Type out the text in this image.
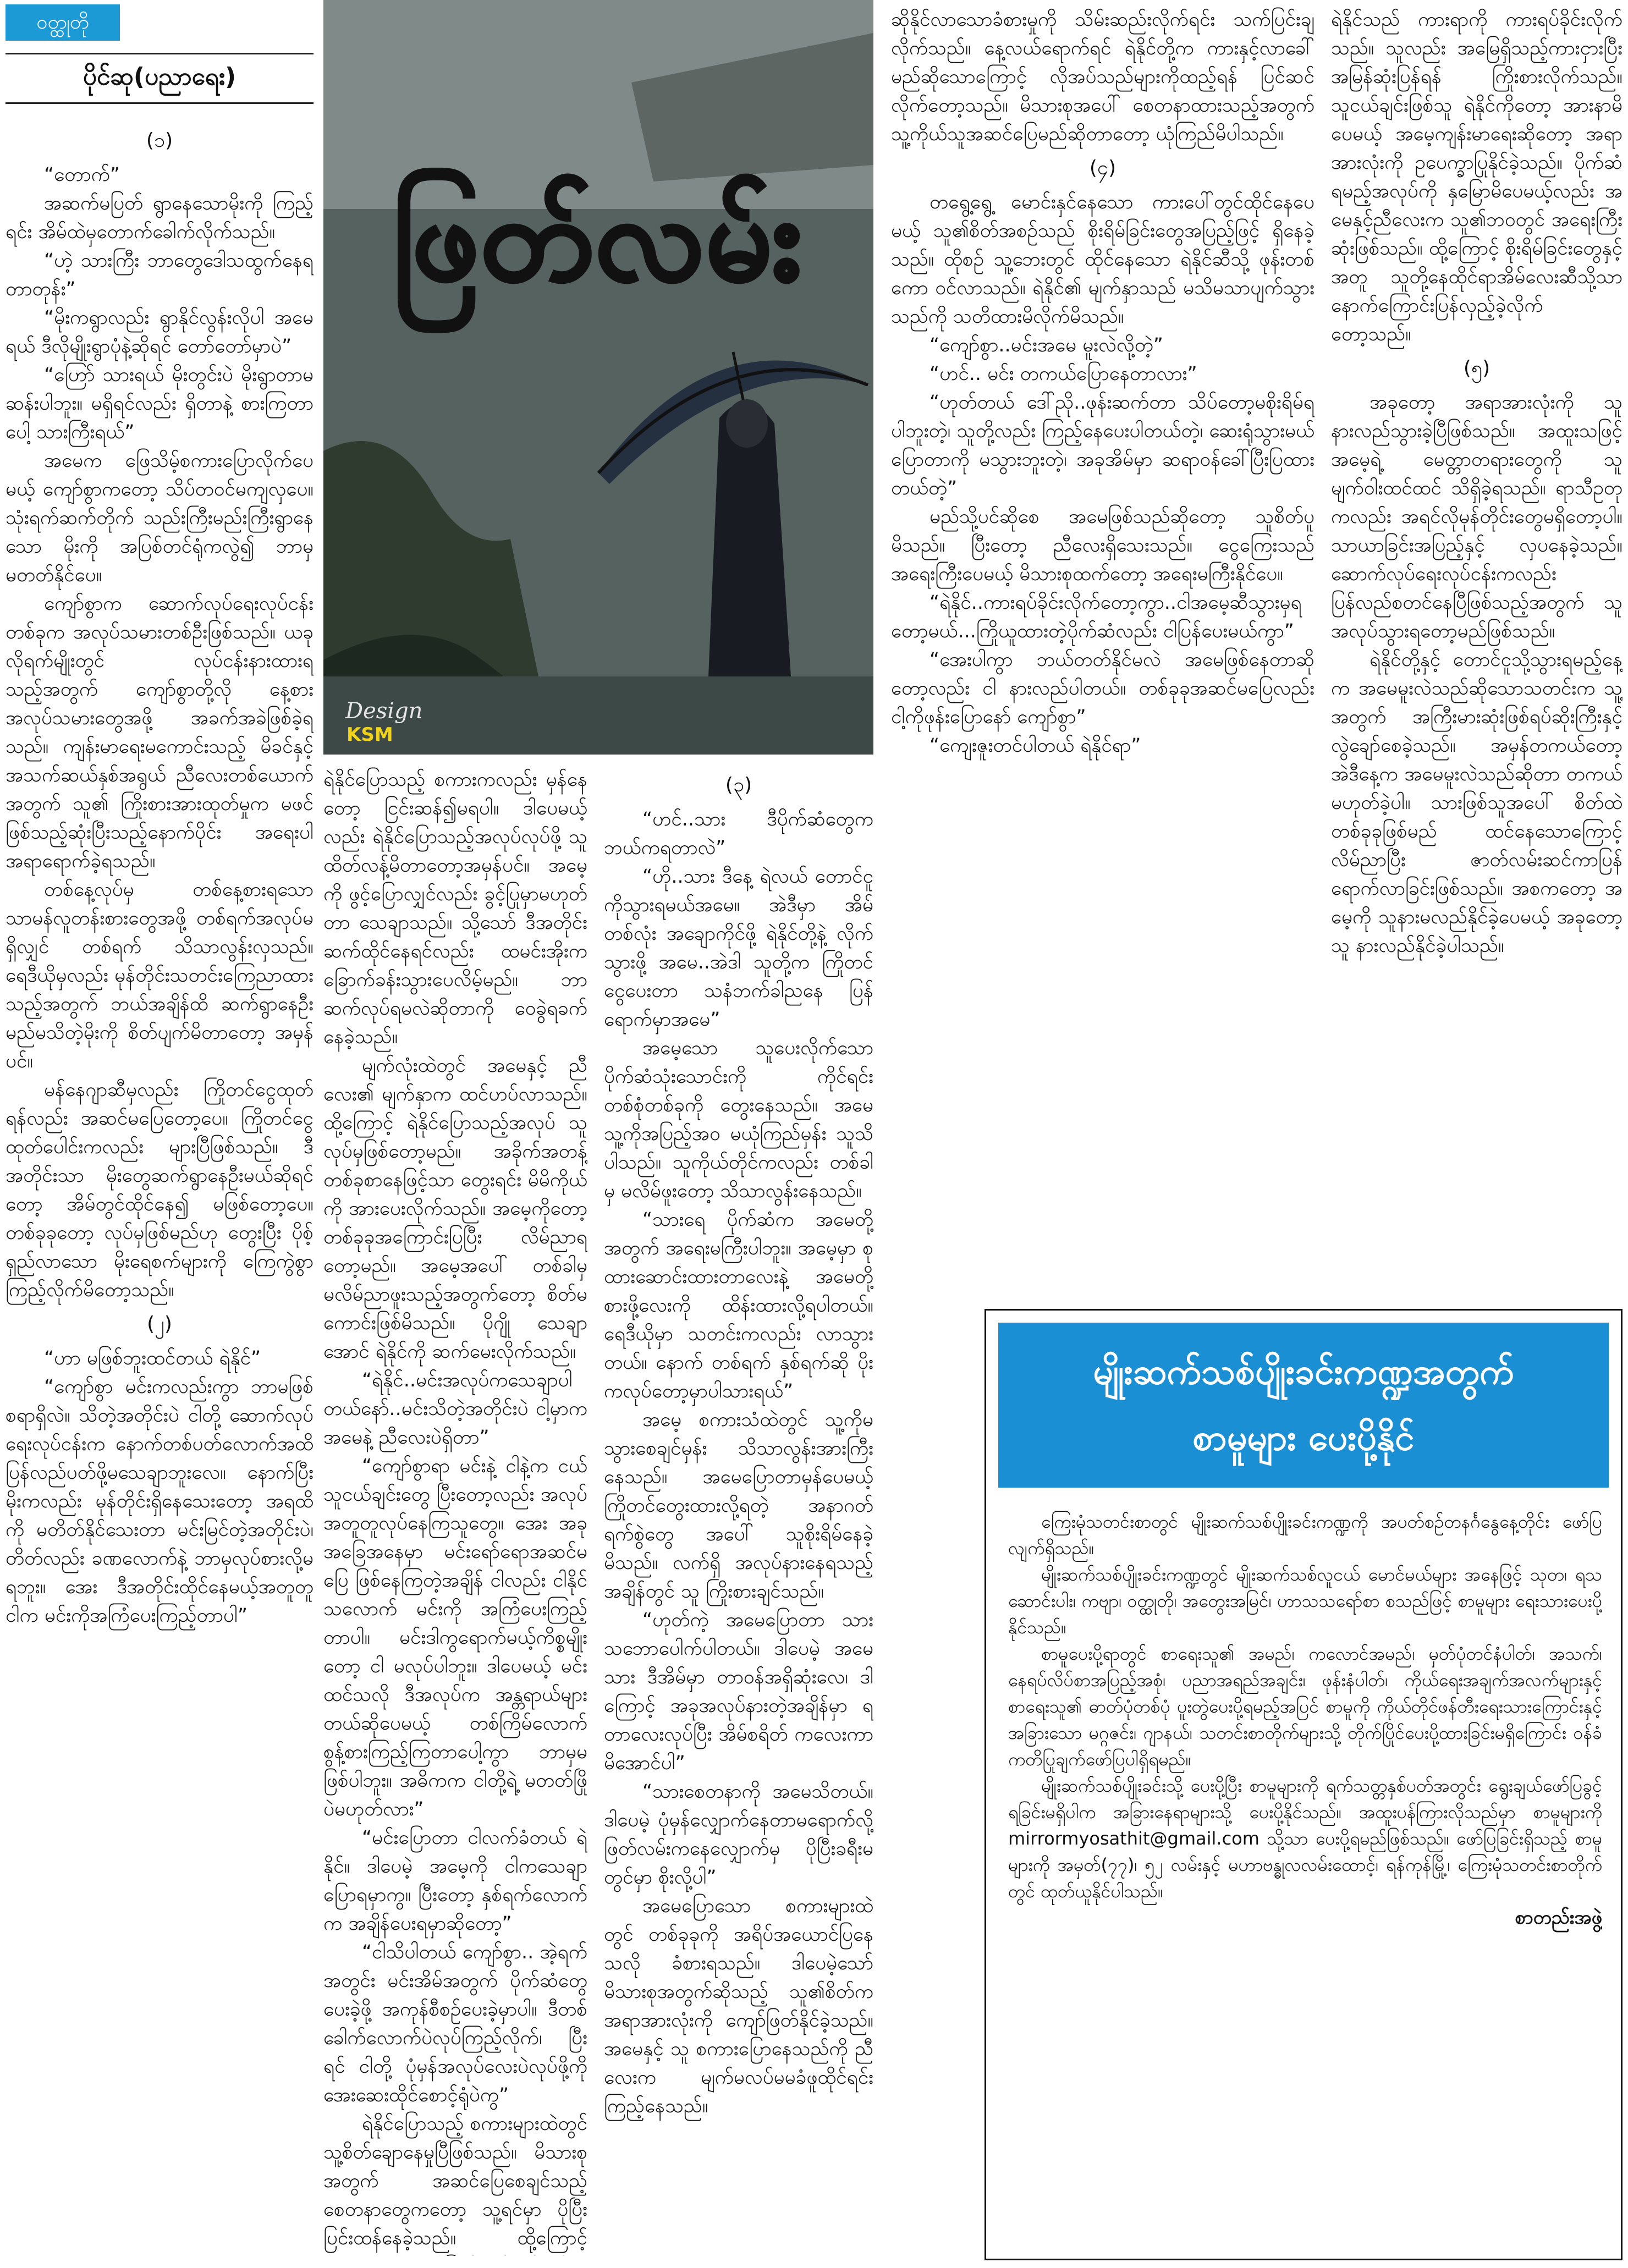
ဝတ္ထုတို
ပိုင်ဆု(ပညာရေး)
(၁)

“တောက်”

အဆက်မပြတ် ရွာနေသောမိုးကို ကြည့်ရင်း အိမ်ထဲမှတောက်ခေါက်လိုက်သည်။

“ဟဲ့ သားကြီး ဘာတွေဒေါသထွက်နေရတာတုန်း”

“မိုးကရွာလည်း ရွာနိုင်လွန်းလိုပါ အမေရယ် ဒီလိုမျိုးရွာပုံနဲ့ဆိုရင် တော်တော်မှာပဲ”

“ဟြော် သားရယ် မိုးတွင်းပဲ မိုးရွာတာမဆန်းပါဘူး။ မရှိရင်လည်း ရှိတာနဲ့ စားကြတာပေါ့ သားကြီးရယ်”

အမေက ဖြေသိမ့်စကားပြောလိုက်ပေမယ့် ကျော်စွာကတော့ သိပ်တဝင်မကျလှပေ။ သုံးရက်ဆက်တိုက် သည်းကြီးမည်းကြီးရွာနေသော မိုးကို အပြစ်တင်ရုံကလွဲ၍ ဘာမှမတတ်နိုင်ပေ။

ကျော်စွာက ဆောက်လုပ်ရေးလုပ်ငန်းတစ်ခုက အလုပ်သမားတစ်ဦးဖြစ်သည်။ ယခုလိုရက်မျိုးတွင် လုပ်ငန်းနားထားရသည့်အတွက် ကျော်စွာတို့လို နေ့စားအလုပ်သမားတွေအဖို့ အခက်အခဲဖြစ်ခဲ့ရသည်။ ကျန်းမာရေးမကောင်းသည့် မိခင်နှင့် အသက်ဆယ်နှစ်အရွယ် ညီလေးတစ်ယောက်အတွက် သူ၏ ကြိုးစားအားထုတ်မှုက မဖင်ဖြစ်သည့်ဆုံးပြီးသည့်နောက်ပိုင်း အရေးပါ အရာရောက်ခဲ့ရသည်။

တစ်နေ့လုပ်မှ တစ်နေ့စားရသော သာမန်လူတန်းစားတွေအဖို့ တစ်ရက်အလုပ်မရှိလျှင် တစ်ရက် သိသာလွန်းလှသည်။ ရေဒီယိုမှလည်း မုန်တိုင်းသတင်းကြေညာထားသည့်အတွက် ဘယ်အချိန်ထိ ဆက်ရွာနေဦးမည်မသိတဲ့မိုးကို စိတ်ပျက်မိတာတော့ အမှန်ပင်။

မန်နေဂျာဆီမှလည်း ကြိုတင်ငွေထုတ်ရန်လည်း အဆင်မပြေတော့ပေ။ ကြိုတင်ငွေထုတ်ပေါင်းကလည်း များပြီဖြစ်သည်။ ဒီအတိုင်းသာ မိုးတွေဆက်ရွာနေဦးမယ်ဆိုရင်တော့ အိမ်တွင်ထိုင်နေ၍ မဖြစ်တော့ပေ။ တစ်ခုခုတော့ လုပ်မှဖြစ်မည်ဟု တွေးပြီး ပိုစ့်ရှည်လာသော မိုးရေစက်များကို ကြေကွဲစွာကြည့်လိုက်မိတော့သည်။

(၂)

“ဟာ မဖြစ်ဘူးထင်တယ် ရဲနိုင်”

“ကျော်စွာ မင်းကလည်းကွာ ဘာမဖြစ်စရာရှိလဲ။ သိတဲ့အတိုင်းပဲ ငါတို့ ဆောက်လုပ်ရေးလုပ်ငန်းက နောက်တစ်ပတ်လောက်အထိ ပြန်လည်ပတ်ဖို့မသေချာဘူးလေ။ နောက်ပြီး မိုးကလည်း မုန်တိုင်းရှိနေသေးတော့ အရထိကို မတိတ်နိုင်သေးတာ မင်းမြင်တဲ့အတိုင်းပဲ၊ တိတ်လည်း ခဏလောက်နဲ့ ဘာမှလုပ်စားလို့မရဘူး။ အေး ဒီအတိုင်းထိုင်နေမယ့်အတူတူ ငါက မင်းကိုအကြံပေးကြည့်တာပါ”

ဖြတ်လမ်း
Design
KSM

ရဲနိုင်ပြောသည့် စကားကလည်း မှန်နေတော့ ငြင်းဆန်၍မရပါ။ ဒါပေမယ့်လည်း ရဲနိုင်ပြောသည့်အလုပ်လုပ်ဖို့ သူ ထိတ်လန့်မိတာတော့အမှန်ပင်။ အမေ့ကို ဖွင့်ပြောလျှင်လည်း ခွင့်ပြုမှာမဟုတ်တာ သေချာသည်။ သို့သော် ဒီအတိုင်းဆက်ထိုင်နေရင်လည်း ထမင်းအိုးက ခြောက်ခန်းသွားပေလိမ့်မည်။ ဘာဆက်လုပ်ရမလဲဆိုတာကို ဝေခွဲရခက်နေခဲ့သည်။

မျက်လုံးထဲတွင် အမေနှင့် ညီလေး၏ မျက်နှာက ထင်ဟပ်လာသည်။ ထို့ကြောင့် ရဲနိုင်ပြောသည့်အလုပ် သူလုပ်မှဖြစ်တော့မည်။ အခိုက်အတန့် တစ်ခုစာနေဖြင့်သာ တွေးရင်း မိမိကိုယ်ကို အားပေးလိုက်သည်။ အမေ့ကိုတော့ တစ်ခုခုအကြောင်းပြပြီး လိမ်ညာရတော့မည်။ အမေ့အပေါ် တစ်ခါမှ မလိမ်ညာဖူးသည့်အတွက်တော့ စိတ်မကောင်းဖြစ်မိသည်။ ပိုဂျို သေချာအောင် ရဲနိုင်ကို ဆက်မေးလိုက်သည်။

“ရဲနိုင်..မင်းအလုပ်ကသေချာပါတယ်နော်..မင်းသိတဲ့အတိုင်းပဲ ငါ့မှာက အမေနဲ့ ညီလေးပဲရှိတာ”

“ကျော်စွာရာ မင်းနဲ့ ငါနဲ့က ငယ်သူငယ်ချင်းတွေ ပြီးတော့လည်း အလုပ်အတူတူလုပ်နေကြသူတွေ။ အေး အခုအခြေအနေမှာ မင်းရော်ရောအဆင်မပြေ ဖြစ်နေကြတဲ့အချိန် ငါလည်း ငါနိုင် သလောက် မင်းကို အကြံပေးကြည့်တာပါ။ မင်းဒါကွရောက်မယ့်ကိစ္စမျိုးတော့ ငါ မလုပ်ပါဘူး။ ဒါပေမယ့် မင်းထင်သလို ဒီအလုပ်က အန္တရာယ်များတယ်ဆိုပေမယ့် တစ်ကြိမ်လောက် စွန့်စားကြည့်ကြတာပေါ့ကွာ ဘာမှမဖြစ်ပါဘူး။ အဓိကက ငါတို့ရဲ့ မတတ်ဖြိုပဲမဟုတ်လား”

“မင်းပြောတာ ငါလက်ခံတယ် ရဲနိုင်။ ဒါပေမဲ့ အမေ့ကို ငါကသေချာပြောရမှာကွ။ ပြီးတော့ နှစ်ရက်လောက်က အချိန်ပေးရမှာဆိုတော့”

“ငါသိပါတယ် ကျော်စွာ.. အဲ့ရက်အတွင်း မင်းအိမ်အတွက် ပိုက်ဆံတွေပေးခဲ့ဖို့ အကုန်စီစဉ်ပေးခဲ့မှာပါ။ ဒီတစ်ခေါက်လောက်ပဲလုပ်ကြည့်လိုက်၊ ပြီးရင် ငါတို့ ပုံမှန်အလုပ်လေးပဲလုပ်ဖို့ကို အေးဆေးထိုင်စောင့်ရုံပဲကွ”

ရဲနိုင်ပြောသည့် စကားများထဲတွင် သူ့စိတ်ချောနေမှုပြီဖြစ်သည်။ မိသားစုအတွက် အဆင်ပြေစေချင်သည့်စေတနာတွေကတော့ သူ့ရင်မှာ ပိုပြီးပြင်းထန်နေခဲ့သည်။ ထို့ကြောင့်

(၃)

“ဟင်..သား ဒီပိုက်ဆံတွေက ဘယ်ကရတာလဲ”

“ဟို..သား ဒီနေ့ ရဲလယ် တောင်ငူကိုသွားရမယ်အမေ။ အဲဒီမှာ အိမ်တစ်လုံး အချောကိုင်ဖို့ ရဲနိုင်တို့နဲ့ လိုက်သွားဖို့ အမေ..အဲဒါ သူတို့က ကြိုတင်ငွေပေးတာ သနံဘက်ခါညနေ ပြန်ရောက်မှာအမေ”

အမေ့သော သူပေးလိုက်သော ပိုက်ဆံသုံးသောင်းကို ကိုင်ရင်း တစ်စုံတစ်ခုကို တွေးနေသည်။ အမေ သူ့ကိုအပြည့်အဝ မယုံကြည်မှန်း သူသိပါသည်။ သူကိုယ်တိုင်ကလည်း တစ်ခါမှ မလိမ်ဖူးတော့ သိသာလွန်းနေသည်။

“သားရေ ပိုက်ဆံက အမေတို့အတွက် အရေးမကြီးပါဘူး။ အမေ့မှာ စုထားဆောင်းထားတာလေးနဲ့ အမေတို့စားဖို့လေးကို ထိန်းထားလို့ရပါတယ်။ ရေဒီယိုမှာ သတင်းကလည်း လာသွားတယ်။ နောက် တစ်ရက် နှစ်ရက်ဆို ပိုးကလုပ်တော့မှာပါသားရယ်”

အမေ့ စကားသံထဲတွင် သူ့ကိုမသွားစေချင်မှန်း သိသာလွန်းအားကြီးနေသည်။ အမေပြောတာမှန်ပေမယ့် ကြိုတင်တွေးထားလို့ရတဲ့ အနာဂတ်ရက်စွဲတွေ အပေါ် သူစိုးရိမ်နေခဲ့မိသည်။ လက်ရှိ အလုပ်နားနေရသည့်အချိန်တွင် သူ ကြိုးစားချင်သည်။

“ဟုတ်ကဲ့ အမေပြောတာ သားသဘောပေါက်ပါတယ်။ ဒါပေမဲ့ အမေ သား ဒီအိမ်မှာ တာဝန်အရှိဆုံးလေ၊ ဒါကြောင့် အခုအလုပ်နားတဲ့အချိန်မှာ ရတာလေးလုပ်ပြီး အိမ်စရိတ် ကလေးကာမိအောင်ပါ”

“သားစေတနာကို အမေသိတယ်။ ဒါပေမဲ့ ပုံမှန်လျှောက်နေတာမရောက်လို့ ဖြတ်လမ်းကနေလျှောက်မှ ပိုပြီးခရီးမတွင်မှာ စိုးလို့ပါ”

အမေပြောသော စကားများထဲတွင် တစ်ခုခုကို အရိပ်အယောင်ပြနေသလို ခံစားရသည်။ ဒါပေမဲ့သော် မိသားစုအတွက်ဆိုသည့် သူ၏စိတ်က အရာအားလုံးကို ကျော်ဖြတ်နိုင်ခဲ့သည်။ အမေနှင့် သူ စကားပြောနေသည်ကို ညီလေးက မျက်မလပ်မမခံဖူထိုင်ရင်းကြည့်နေသည်။

ဆိုနိုင်လာသောခံစားမှုကို သိမ်းဆည်းလိုက်ရင်း သက်ပြင်းချလိုက်သည်။ နေ့လယ်ရောက်ရင် ရဲနိုင်တို့က ကားနှင့်လာခေါ်မည်ဆိုသောကြောင့် လိုအပ်သည်များကိုထည့်ရန် ပြင်ဆင်လိုက်တော့သည်။ မိသားစုအပေါ် စေတနာထားသည့်အတွက် သူ့ကိုယ်သူအဆင်ပြေမည်ဆိုတာတော့ ယုံကြည်မိပါသည်။

(၄)

တရွေ့ရွေ့ မောင်းနှင်နေသော ကားပေါ်တွင်ထိုင်နေပေမယ့် သူ၏စိတ်အစဉ်သည် စိုးရိမ်ခြင်းတွေအပြည့်ဖြင့် ရှိနေခဲ့သည်။ ထိုစဉ် သူ့ဘေးတွင် ထိုင်နေသော ရဲနိုင်ဆီသို့ ဖုန်းတစ်ကော ဝင်လာသည်။ ရဲနိုင်၏ မျက်နှာသည် မသိမသာပျက်သွားသည်ကို သတိထားမိလိုက်မိသည်။

“ကျော်စွာ..မင်းအမေ မူးလဲလို့တဲ့”

“ဟင်.. မင်း တကယ်ပြောနေတာလား”

“ဟုတ်တယ် ဒေါ်ညို..ဖုန်းဆက်တာ သိပ်တော့မစိုးရိမ်ရပါဘူးတဲ့၊ သူတို့လည်း ကြည့်နေပေးပါတယ်တဲ့၊ ဆေးရုံသွားမယ်ပြောတာကို မသွားဘူးတဲ့၊ အခုအိမ်မှာ ဆရာဝန်ခေါ်ပြီးပြထားတယ်တဲ့”

မည်သို့ပင်ဆိုစေ အမေဖြစ်သည်ဆိုတော့ သူစိတ်ပူမိသည်။ ပြီးတော့ ညီလေးရှိသေးသည်။ ငွေကြေးသည် အရေးကြီးပေမယ့် မိသားစုထက်တော့ အရေးမကြီးနိုင်ပေ။

“ရဲနိုင်..ကားရပ်ခိုင်းလိုက်တော့ကွာ..ငါအမေ့ဆီသွားမှရတော့မယ်...ကြိုယူထားတဲ့ပိုက်ဆံလည်း ငါပြန်ပေးမယ်ကွာ”

“အေးပါကွာ ဘယ်တတ်နိုင်မလဲ အမေဖြစ်နေတာဆိုတော့လည်း ငါ နားလည်ပါတယ်။ တစ်ခုခုအဆင်မပြေလည်း ငါ့ကိုဖုန်းပြောနော် ကျော်စွာ”

“ကျေးဇူးတင်ပါတယ် ရဲနိုင်ရာ”

ရဲနိုင်သည် ကားရာကို ကားရပ်ခိုင်းလိုက်သည်။ သူလည်း အမြေရှိသည့်ကားငှားပြီး အမြန်ဆုံးပြန်ရန် ကြိုးစားလိုက်သည်။ သူငယ်ချင်းဖြစ်သူ ရဲနိုင်ကိုတော့ အားနာမိပေမယ့် အမေ့ကျန်းမာရေးဆိုတော့ အရာအားလုံးကို ဥပေက္ခာပြုနိုင်ခဲ့သည်။ ပိုက်ဆံရမည့်အလုပ်ကို နှမြောမိပေမယ့်လည်း အမေနှင့်ညီလေးက သူ၏ဘဝတွင် အရေးကြီးဆုံးဖြစ်သည်။ ထို့ကြောင့် စိုးရိမ်ခြင်းတွေနှင့်အတူ သူတို့နေထိုင်ရာအိမ်လေးဆီသို့သာ နောက်ကြောင်းပြန်လှည့်ခဲ့လိုက်တော့သည်။

(၅)

အခုတော့ အရာအားလုံးကို သူ နားလည်သွားခဲ့ပြီဖြစ်သည်။ အထူးသဖြင့် အမေ့ရဲ့ မေတ္တာတရားတွေကို သူ မျက်ဝါးထင်ထင် သိရှိခဲ့ရသည်။ ရာသီဥတုကလည်း အရင်လိုမုန်တိုင်းတွေမရှိတော့ပါ။ သာယာခြင်းအပြည့်နှင့် လှပနေခဲ့သည်။ ဆောက်လုပ်ရေးလုပ်ငန်းကလည်း ပြန်လည်စတင်နေပြီဖြစ်သည့်အတွက် သူ အလုပ်သွားရတော့မည်ဖြစ်သည်။

ရဲနိုင်တို့နှင့် တောင်ငူသို့သွားရမည့်နေ့က အမေမူးလဲသည်ဆိုသောသတင်းက သူ့အတွက် အကြီးမားဆုံးဖြစ်ရပ်ဆိုးကြီးနှင့် လွဲချော်စေခဲ့သည်။ အမှန်တကယ်တော့ အဲဒီနေ့က အမေမူးလဲသည်ဆိုတာ တကယ်မဟုတ်ခဲ့ပါ။ သားဖြစ်သူအပေါ် စိတ်ထဲတစ်ခုခုဖြစ်မည် ထင်နေသောကြောင့် လိမ်ညာပြီး ဇာတ်လမ်းဆင်ကာပြန်ရောက်လာခြင်းဖြစ်သည်။ အစကတော့ အမေ့ကို သူနားမလည်နိုင်ခဲ့ပေမယ့် အခုတော့ သူ နားလည်နိုင်ခဲ့ပါသည်။

မျိုးဆက်သစ်ပျိုးခင်းကဏ္ဍအတွက်
စာမူများ ပေးပို့နိုင်

ကြေးမုံသတင်းစာတွင် မျိုးဆက်သစ်ပျိုးခင်းကဏ္ဍကို အပတ်စဉ်တနင်္ဂနွေနေ့တိုင်း ဖော်ပြလျက်ရှိသည်။

မျိုးဆက်သစ်ပျိုးခင်းကဏ္ဍတွင် မျိုးဆက်သစ်လူငယ် မောင်မယ်များ အနေဖြင့် သုတ၊ ရသဆောင်းပါး၊ ကဗျာ၊ ဝတ္ထုတို၊ အတွေးအမြင်၊ ဟာသသရော်စာ စသည်ဖြင့် စာမူများ ရေးသားပေးပို့နိုင်သည်။

စာမူပေးပို့ရာတွင် စာရေးသူ၏ အမည်၊ ကလောင်အမည်၊ မှတ်ပုံတင်နံပါတ်၊ အသက်၊ နေရပ်လိပ်စာအပြည့်အစုံ၊ ပညာအရည်အချင်း၊ ဖုန်းနံပါတ်၊ ကိုယ်ရေးအချက်အလက်များနှင့် စာရေးသူ၏ ဓာတ်ပုံတစ်ပုံ ပူးတွဲပေးပို့ရမည့်အပြင် စာမူကို ကိုယ်တိုင်ဖန်တီးရေးသားကြောင်းနှင့် အခြားသော မဂ္ဂဇင်း၊ ဂျာနယ်၊ သတင်းစာတိုက်များသို့ တိုက်ပြိုင်ပေးပို့ထားခြင်းမရှိကြောင်း ဝန်ခံကတိပြုချက်ဖော်ပြပါရှိရမည်။

မျိုးဆက်သစ်ပျိုးခင်းသို့ ပေးပို့ပြီး စာမူများကို ရက်သတ္တနှစ်ပတ်အတွင်း ရွေးချယ်ဖော်ပြခွင့်ရခြင်းမရှိပါက အခြားနေရာများသို့ ပေးပို့နိုင်သည်။ အထူးပန်ကြားလိုသည်မှာ စာမူများကို mirrormyosathit@gmail.com သို့သာ ပေးပို့ရမည်ဖြစ်သည်။ ဖော်ပြခြင်းရှိသည့် စာမူများကို အမှတ်(၇၇)၊ ၅၂ လမ်းနှင့် မဟာဗန္ဓုလလမ်းထောင့်၊ ရန်ကုန်မြို့၊ ကြေးမုံသတင်းစာတိုက်တွင် ထုတ်ယူနိုင်ပါသည်။

စာတည်းအဖွဲ့
